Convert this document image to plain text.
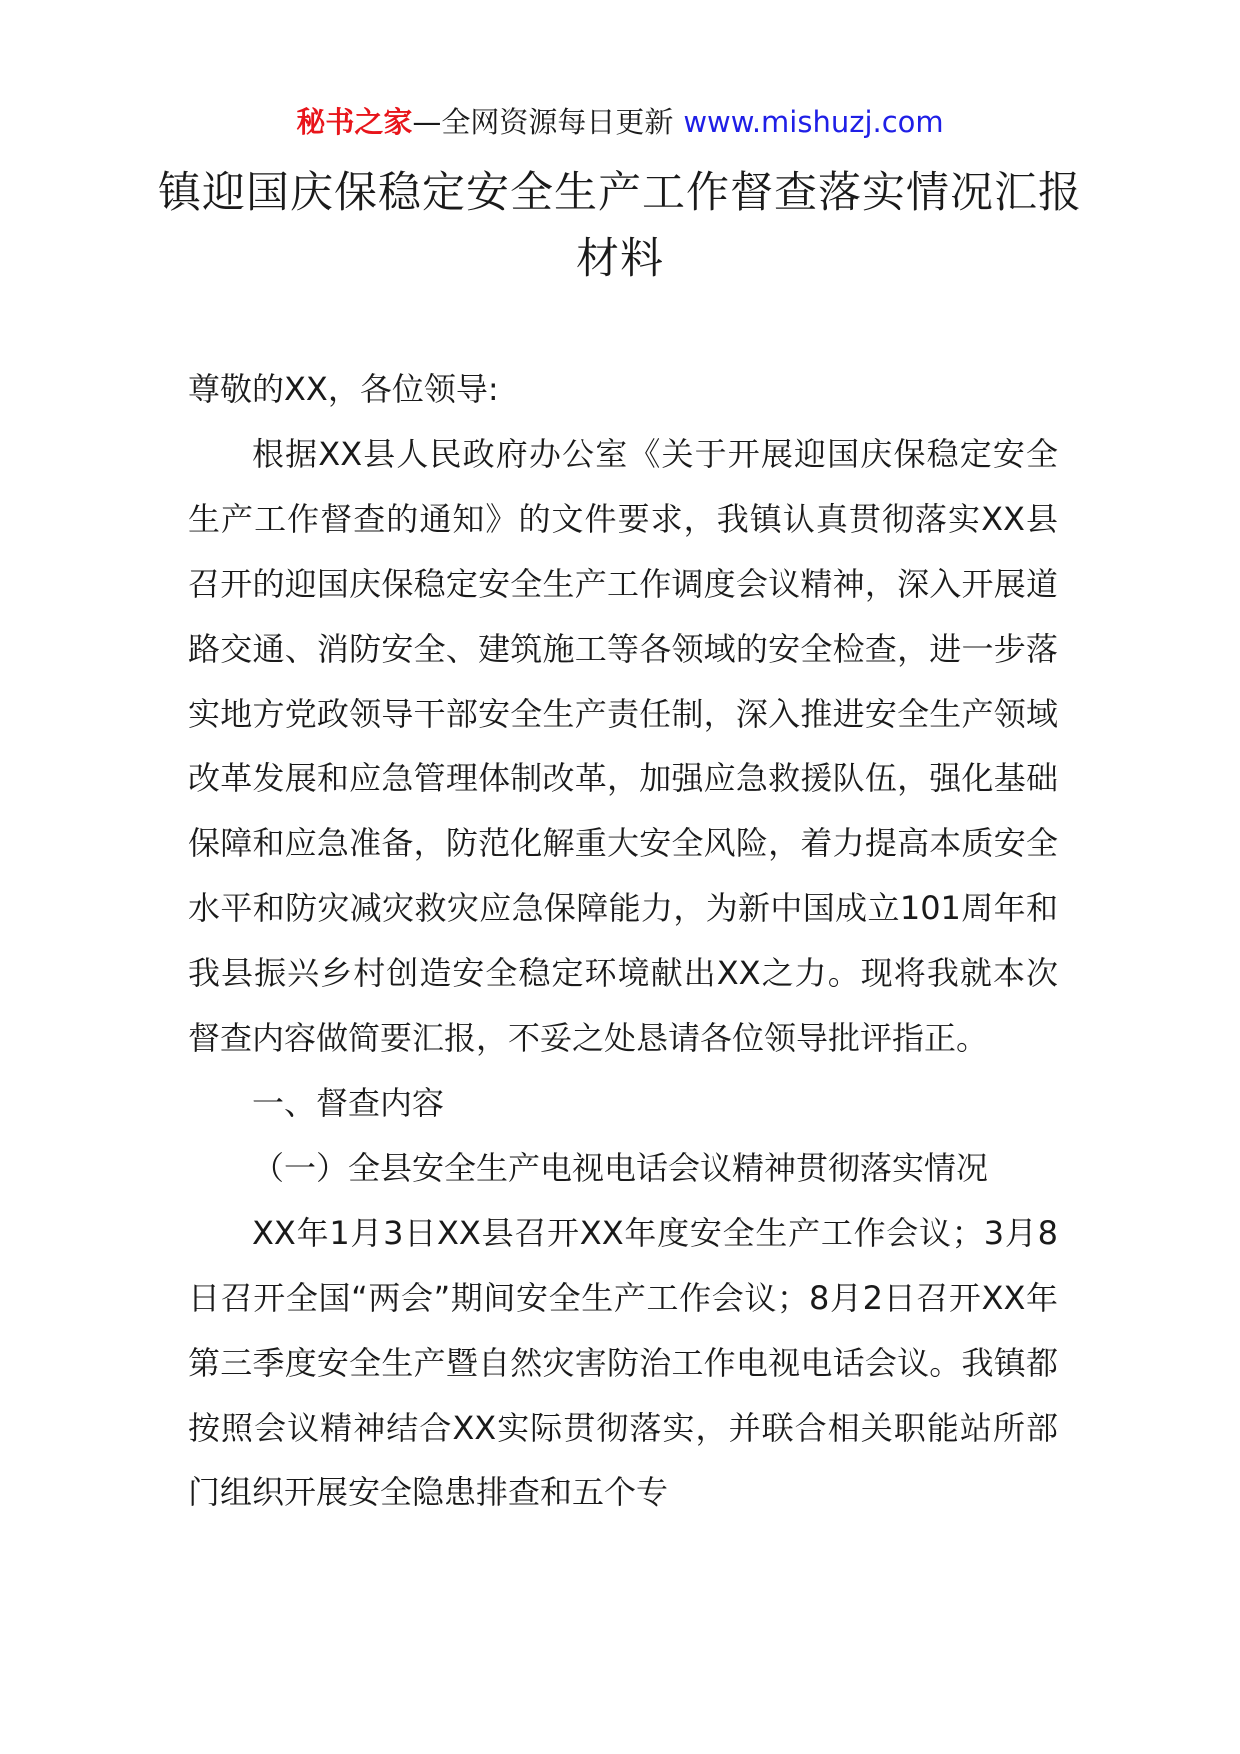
秘书之家—全网资源每日更新 www.mishuzj.com
镇迎国庆保稳定安全生产工作督查落实情况汇报材料

尊敬的XX，各位领导:

根据XX县人民政府办公室《关于开展迎国庆保稳定安全生产工作督查的通知》的文件要求，我镇认真贯彻落实XX县召开的迎国庆保稳定安全生产工作调度会议精神，深入开展道路交通、消防安全、建筑施工等各领域的安全检查，进一步落实地方党政领导干部安全生产责任制，深入推进安全生产领域改革发展和应急管理体制改革，加强应急救援队伍，强化基础保障和应急准备，防范化解重大安全风险，着力提高本质安全水平和防灾减灾救灾应急保障能力，为新中国成立101周年和我县振兴乡村创造安全稳定环境献出XX之力。现将我就本次督查内容做简要汇报，不妥之处恳请各位领导批评指正。

一、督查内容

（一）全县安全生产电视电话会议精神贯彻落实情况

XX年1月3日XX县召开XX年度安全生产工作会议；3月8日召开全国“两会”期间安全生产工作会议；8月2日召开XX年第三季度安全生产暨自然灾害防治工作电视电话会议。我镇都按照会议精神结合XX实际贯彻落实，并联合相关职能站所部门组织开展安全隐患排查和五个专
